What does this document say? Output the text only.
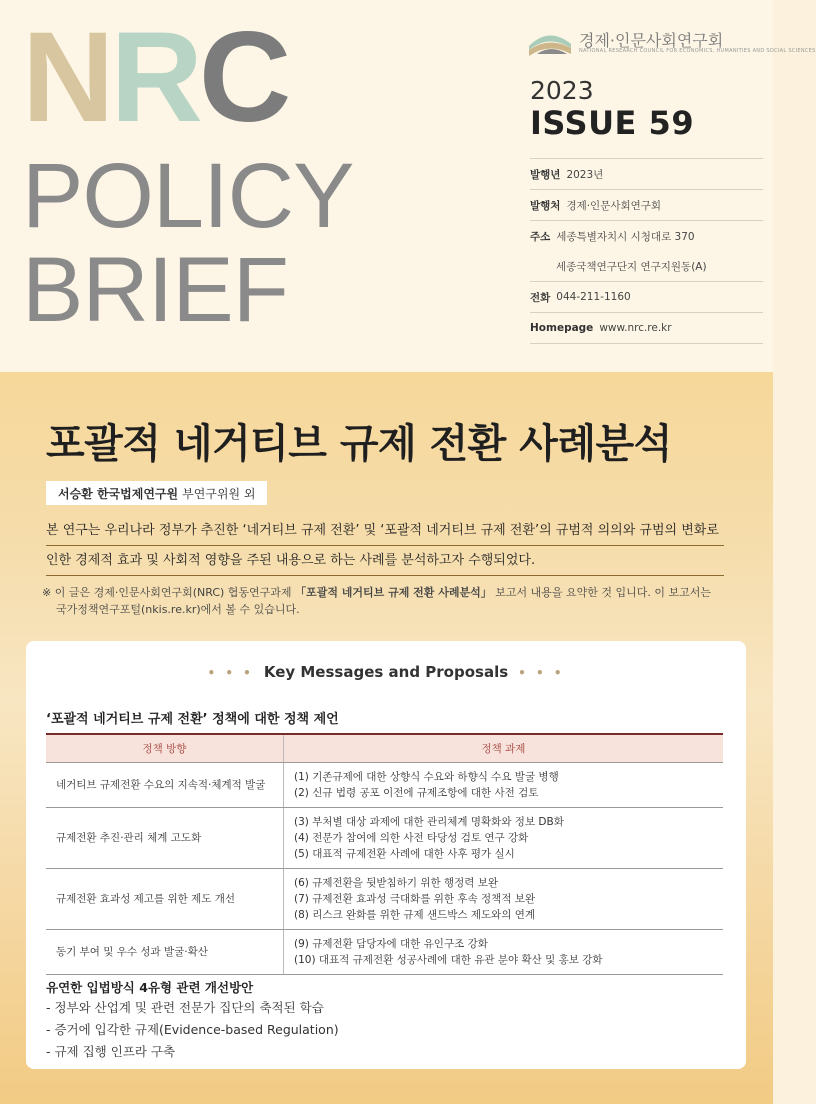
NRC
POLICY
BRIEF
경제·인문사회연구회
NATIONAL RESEARCH COUNCIL FOR ECONOMICS, HUMANITIES AND SOCIAL SCIENCES
2023
ISSUE 59
발행년 2023년
발행처 경제·인문사회연구회
주소 세종특별자치시 시청대로 370
세종국책연구단지 연구지원동(A)
전화 044-211-1160
Homepage www.nrc.re.kr
포괄적 네거티브 규제 전환 사례분석
서승환 한국법제연구원 부연구위원 외
본 연구는 우리나라 정부가 추진한 ‘네거티브 규제 전환’ 및 ‘포괄적 네거티브 규제 전환’의 규범적 의의와 규범의 변화로
인한 경제적 효과 및 사회적 영향을 주된 내용으로 하는 사례를 분석하고자 수행되었다.
※ 이 글은 경제·인문사회연구회(NRC) 협동연구과제 「포괄적 네거티브 규제 전환 사례분석」 보고서 내용을 요약한 것 입니다. 이 보고서는
국가정책연구포털(nkis.re.kr)에서 볼 수 있습니다.
• • • Key Messages and Proposals • • •
‘포괄적 네거티브 규제 전환’ 정책에 대한 정책 제언
정책 방향	정책 과제
네거티브 규제전환 수요의 지속적·체계적 발굴	(1) 기존규제에 대한 상향식 수요와 하향식 수요 발굴 병행
(2) 신규 법령 공포 이전에 규제조항에 대한 사전 검토

규제전환 추진·관리 체계 고도화	(3) 부처별 대상 과제에 대한 관리체계 명확화와 정보 DB화
(4) 전문가 참여에 의한 사전 타당성 검토 연구 강화
(5) 대표적 규제전환 사례에 대한 사후 평가 실시

규제전환 효과성 제고를 위한 제도 개선	(6) 규제전환을 뒷받침하기 위한 행정력 보완
(7) 규제전환 효과성 극대화를 위한 후속 정책적 보완
(8) 리스크 완화를 위한 규제 샌드박스 제도와의 연계

동기 부여 및 우수 성과 발굴·확산	(9) 규제전환 담당자에 대한 유인구조 강화
(10) 대표적 규제전환 성공사례에 대한 유관 분야 확산 및 홍보 강화
유연한 입법방식 4유형 관련 개선방안
- 정부와 산업계 및 관련 전문가 집단의 축적된 학습
- 증거에 입각한 규제(Evidence-based Regulation)
- 규제 집행 인프라 구축
